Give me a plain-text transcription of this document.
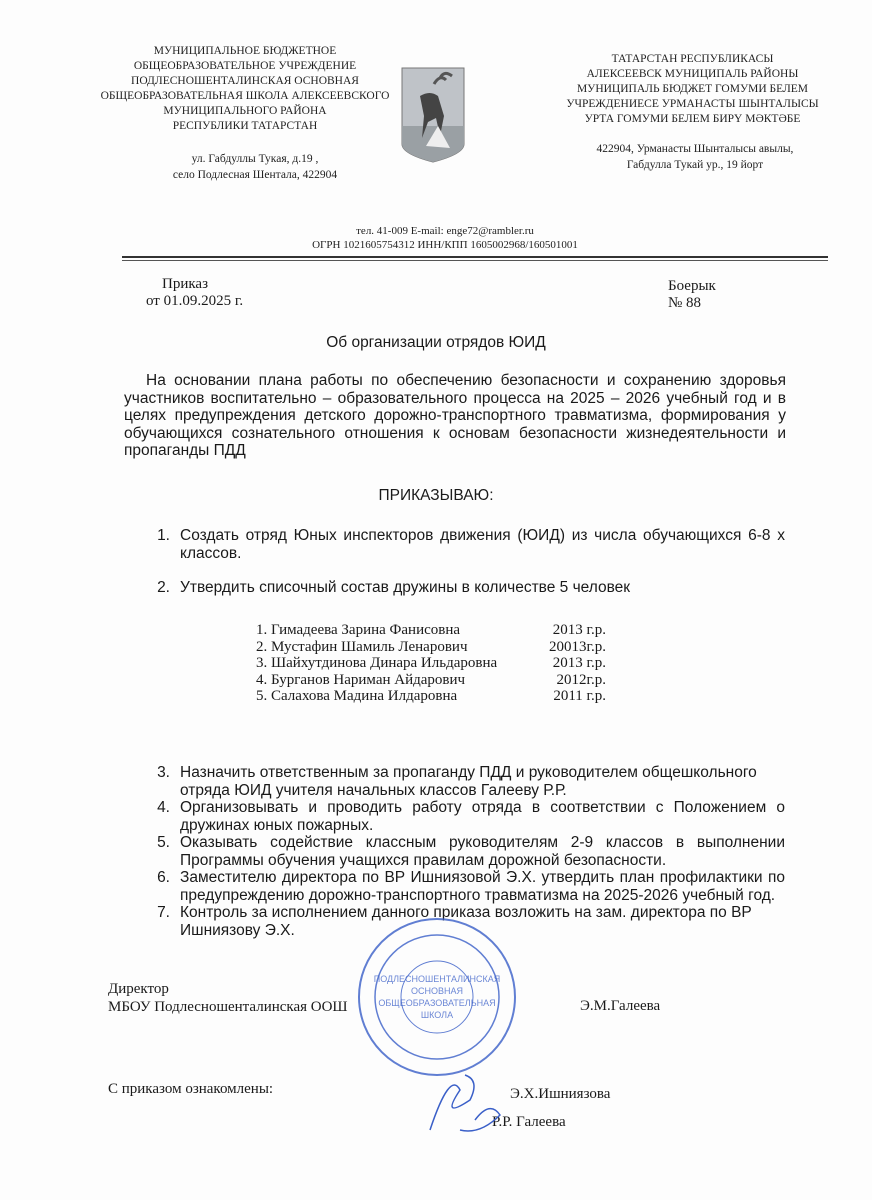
МУНИЦИПАЛЬНОЕ БЮДЖЕТНОЕ
ОБЩЕОБРАЗОВАТЕЛЬНОЕ УЧРЕЖДЕНИЕ
ПОДЛЕСНОШЕНТАЛИНСКАЯ ОСНОВНАЯ
ОБЩЕОБРАЗОВАТЕЛЬНАЯ ШКОЛА АЛЕКСЕЕВСКОГО
МУНИЦИПАЛЬНОГО РАЙОНА
РЕСПУБЛИКИ ТАТАРСТАН
ул. Габдуллы Тукая, д.19 ,
село Подлесная Шентала, 422904
ТАТАРСТАН РЕСПУБЛИКАСЫ
АЛЕКСЕЕВСК МУНИЦИПАЛЬ РАЙОНЫ
МУНИЦИПАЛЬ БЮДЖЕТ ГОМУМИ БЕЛЕМ
УЧРЕЖДЕНИЕСЕ УРМАНАСТЫ ШЫНТАЛЫСЫ
УРТА ГОМУМИ БЕЛЕМ БИРҮ МӘКТӘБЕ
422904, Урманасты Шынталысы авылы,
Габдулла Тукай ур., 19 йорт
тел. 41-009 E-mail: enge72@rambler.ru
ОГРН 1021605754312 ИНН/КПП 1605002968/160501001
Приказ
от 01.09.2025 г.
Боерык
№ 88
Об организации отрядов ЮИД
На основании плана работы по обеспечению безопасности и сохранению здоровья участников воспитательно – образовательного процесса на 2025 – 2026 учебный год и в целях предупреждения детского дорожно-транспортного травматизма, формирования у обучающихся сознательного отношения к основам безопасности жизнедеятельности и пропаганды ПДД
ПРИКАЗЫВАЮ:
1. Создать отряд Юных инспекторов движения (ЮИД) из числа обучающихся 6-8 х классов.
2. Утвердить списочный состав дружины в количестве 5 человек
1. Гимадеева Зарина Фанисовна	2013 г.р.
2. Мустафин Шамиль Ленарович	20013г.р.
3. Шайхутдинова Динара Ильдаровна	2013 г.р.
4. Бурганов Нариман Айдарович	2012г.р.
5. Салахова Мадина Илдаровна	2011 г.р.
3. Назначить ответственным за пропаганду ПДД и руководителем общешкольного отряда ЮИД учителя начальных классов Галееву Р.Р.
4. Организовывать и проводить работу отряда в соответствии с Положением о дружинах юных пожарных.
5. Оказывать содействие классным руководителям 2-9 классов в выполнении Программы обучения учащихся правилам дорожной безопасности.
6. Заместителю директора по ВР Ишниязовой Э.Х. утвердить план профилактики по предупреждению дорожно-транспортного травматизма на 2025-2026 учебный год.
7. Контроль за исполнением данного приказа возложить на зам. директора по ВР Ишниязову Э.Х.
ПОДЛЕСНОШЕНТАЛИНСКАЯ
ОСНОВНАЯ
ОБЩЕОБРАЗОВАТЕЛЬНАЯ
ШКОЛА
Директор
МБОУ Подлесношенталинская ООШ	Э.М.Галеева
С приказом ознакомлены:	Э.Х.Ишниязова
Р.Р. Галеева
